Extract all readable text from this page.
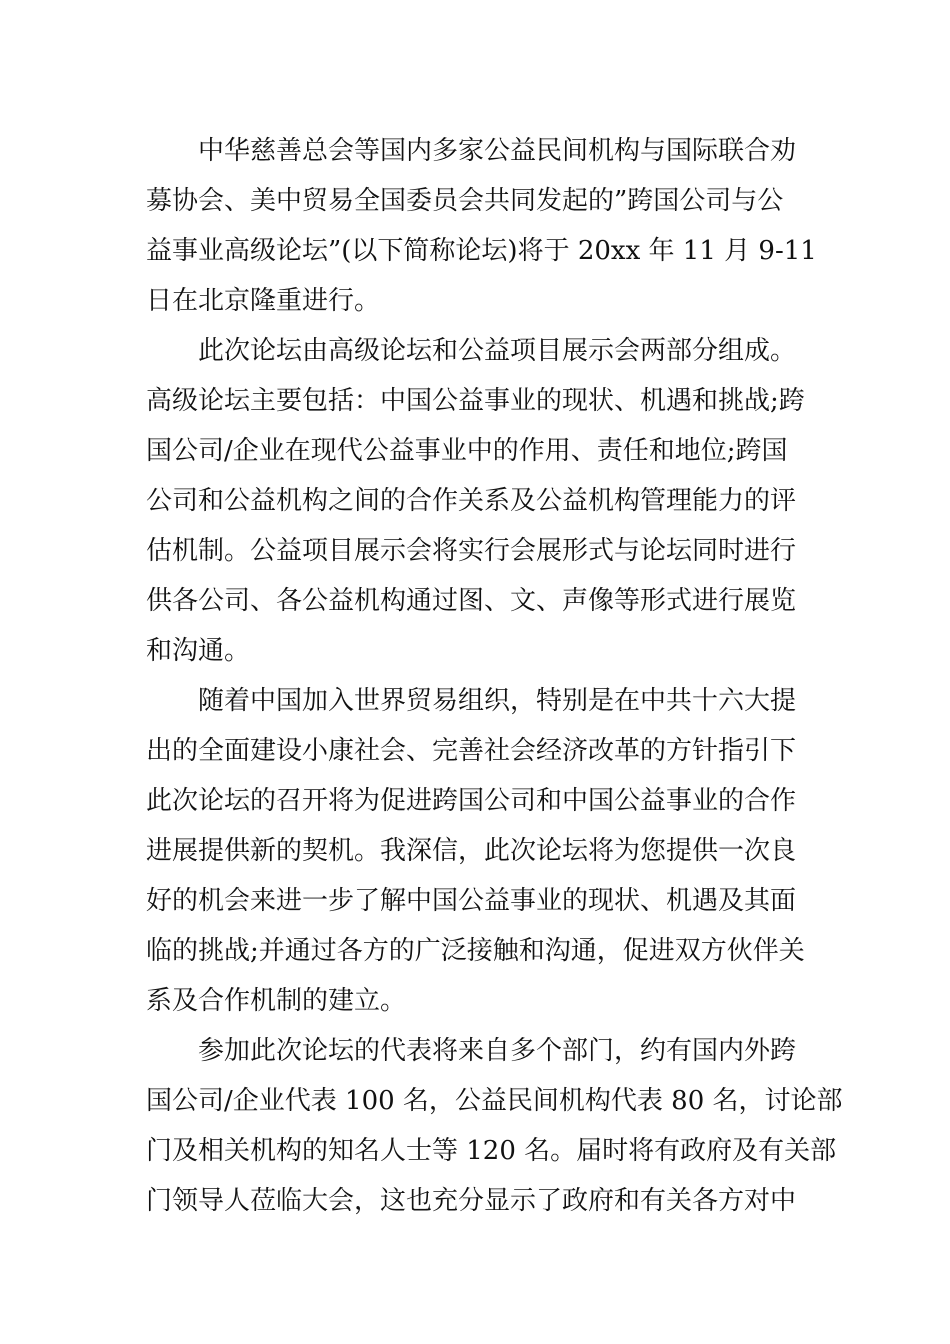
　　中华慈善总会等国内多家公益民间机构与国际联合劝
募协会、美中贸易全国委员会共同发起的”跨国公司与公
益事业高级论坛”(以下简称论坛)将于 20xx 年 11 月 9-11
日在北京隆重进行。

　　此次论坛由高级论坛和公益项目展示会两部分组成。
高级论坛主要包括：中国公益事业的现状、机遇和挑战;跨
国公司/企业在现代公益事业中的作用、责任和地位;跨国
公司和公益机构之间的合作关系及公益机构管理能力的评
估机制。公益项目展示会将实行会展形式与论坛同时进行
供各公司、各公益机构通过图、文、声像等形式进行展览
和沟通。

　　随着中国加入世界贸易组织，特别是在中共十六大提
出的全面建设小康社会、完善社会经济改革的方针指引下
此次论坛的召开将为促进跨国公司和中国公益事业的合作
进展提供新的契机。我深信，此次论坛将为您提供一次良
好的机会来进一步了解中国公益事业的现状、机遇及其面
临的挑战;并通过各方的广泛接触和沟通，促进双方伙伴关
系及合作机制的建立。

　　参加此次论坛的代表将来自多个部门，约有国内外跨
国公司/企业代表 100 名，公益民间机构代表 80 名，讨论部
门及相关机构的知名人士等 120 名。届时将有政府及有关部
门领导人莅临大会，这也充分显示了政府和有关各方对中
